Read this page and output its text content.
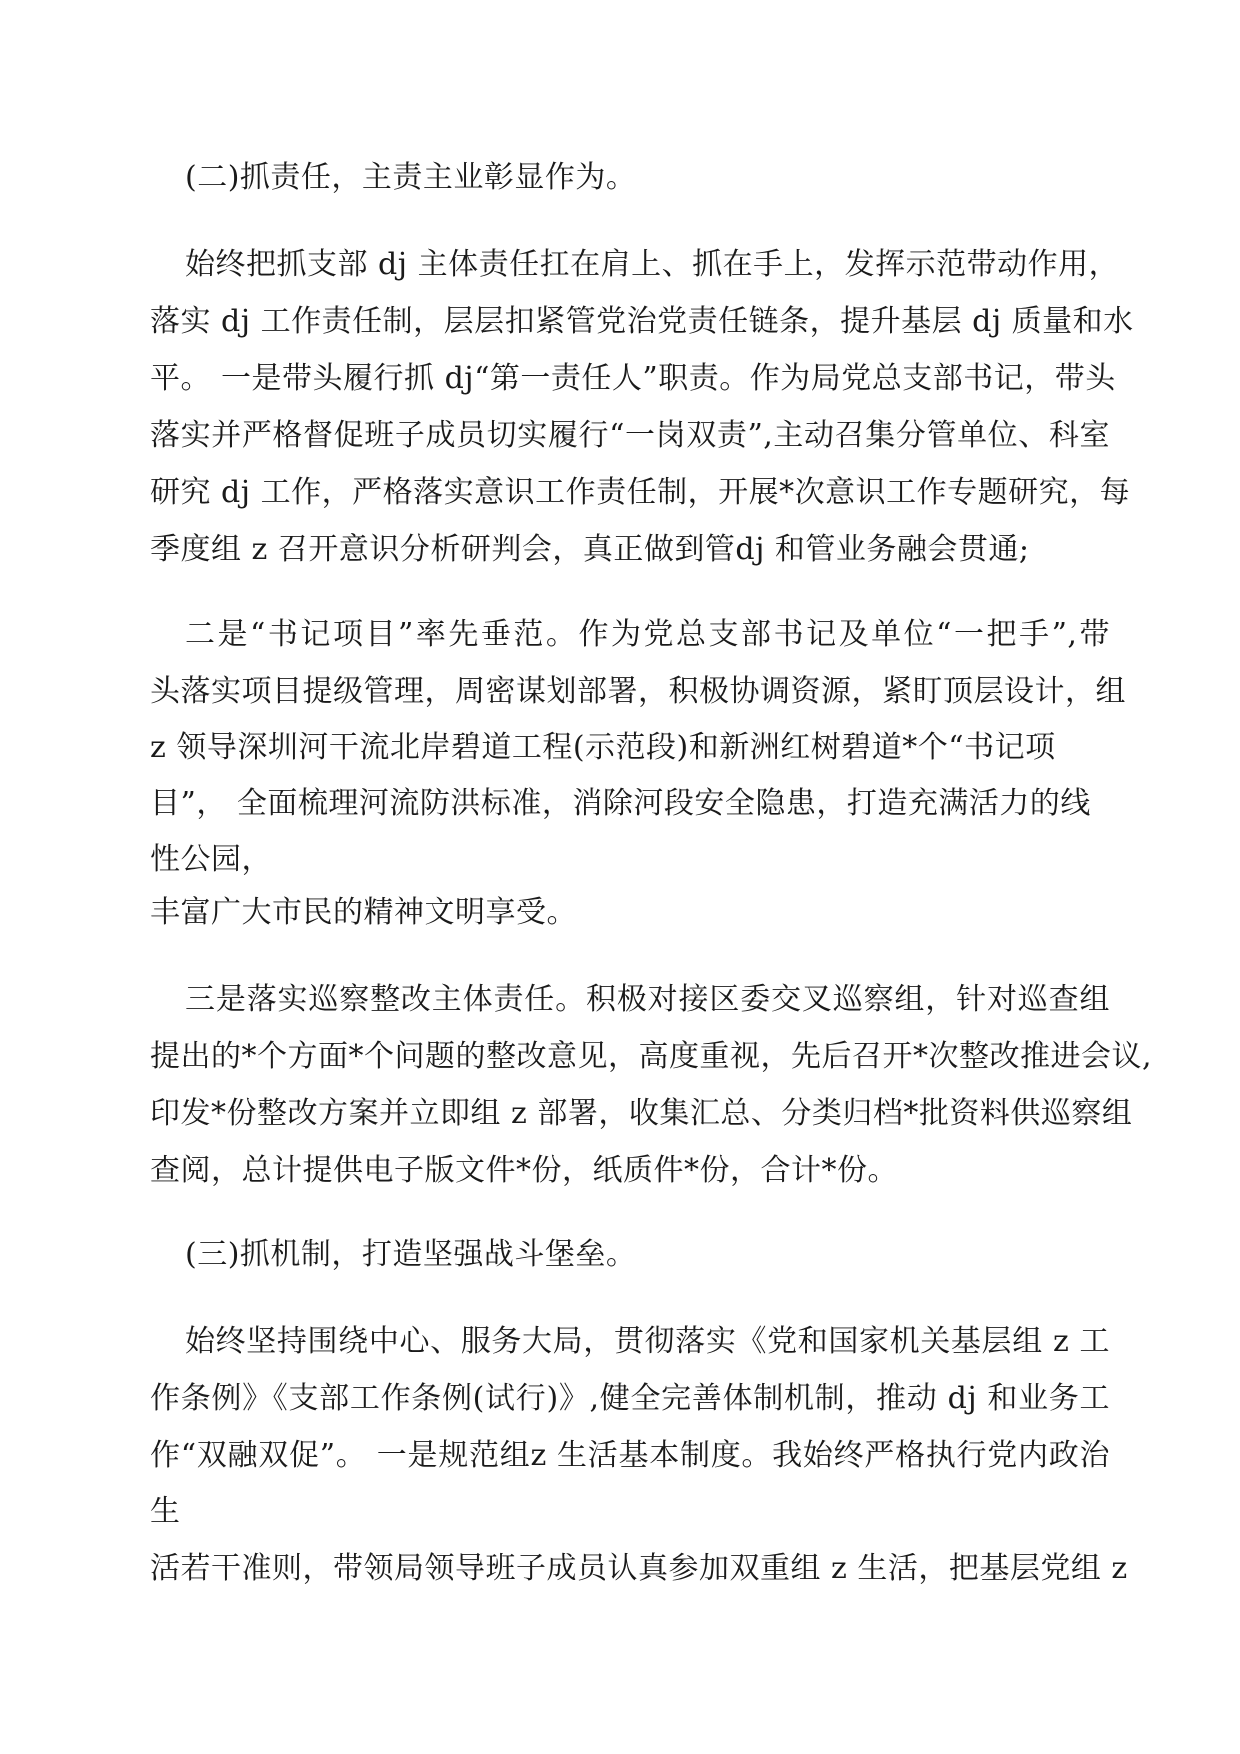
(二)抓责任，主责主业彰显作为。
始终把抓支部 dj 主体责任扛在肩上、抓在手上，发挥示范带动作用，
落实 dj 工作责任制，层层扣紧管党治党责任链条，提升基层 dj 质量和水
平。 一是带头履行抓 dj“第一责任人”职责。作为局党总支部书记，带头
落实并严格督促班子成员切实履行“一岗双责”,主动召集分管单位、科室
研究 dj 工作，严格落实意识工作责任制，开展*次意识工作专题研究，每
季度组 z 召开意识分析研判会，真正做到管dj 和管业务融会贯通;
二是“书记项目”率先垂范。作为党总支部书记及单位“一把手”,带
头落实项目提级管理，周密谋划部署，积极协调资源，紧盯顶层设计，组
z 领导深圳河干流北岸碧道工程(示范段)和新洲红树碧道*个“书记项
目”， 全面梳理河流防洪标准，消除河段安全隐患，打造充满活力的线
性公园，
丰富广大市民的精神文明享受。
三是落实巡察整改主体责任。积极对接区委交叉巡察组，针对巡查组
提出的*个方面*个问题的整改意见，高度重视，先后召开*次整改推进会议,
印发*份整改方案并立即组 z 部署，收集汇总、分类归档*批资料供巡察组
查阅，总计提供电子版文件*份，纸质件*份，合计*份。
(三)抓机制，打造坚强战斗堡垒。
始终坚持围绕中心、服务大局，贯彻落实《党和国家机关基层组 z 工
作条例》《支部工作条例(试行)》,健全完善体制机制，推动 dj 和业务工
作“双融双促”。 一是规范组z 生活基本制度。我始终严格执行党内政治
生
活若干准则，带领局领导班子成员认真参加双重组 z 生活，把基层党组 z
